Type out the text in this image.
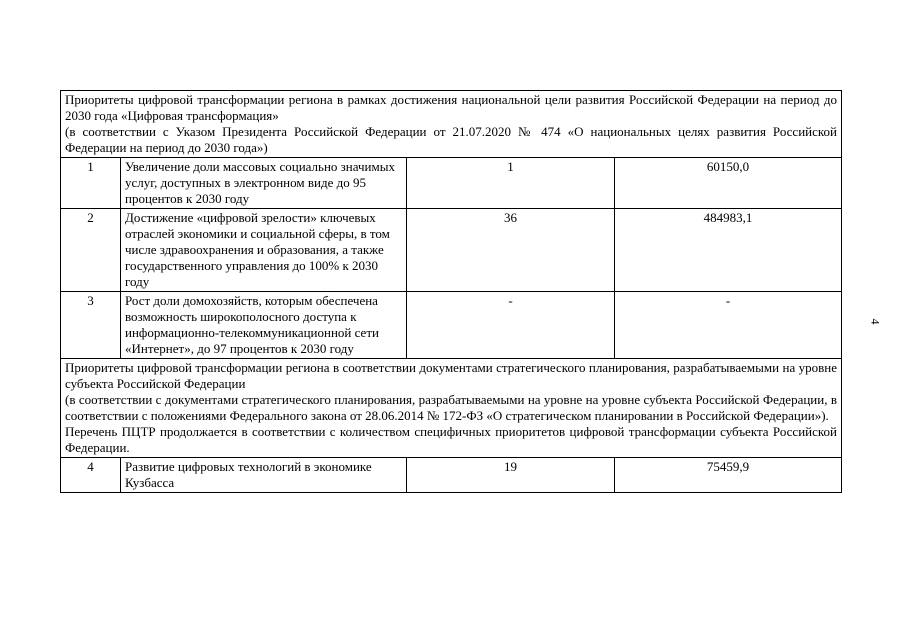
Приоритеты цифровой трансформации региона в рамках достижения национальной цели развития Российской Федерации на период до 2030 года «Цифровая трансформация»

(в соответствии с Указом Президента Российской Федерации от 21.07.2020 № 474 «О национальных целях развития Российской Федерации на период до 2030 года»)			

1	Увеличение доли массовых социально значимых услуг, доступных в электронном виде до 95 процентов к 2030 году	1	60150,0
2	Достижение «цифровой зрелости» ключевых отраслей экономики и социальной сферы, в том числе здравоохранения и образования, а также государственного управления до 100% к 2030 году	36	484983,1
3	Рост доли домохозяйств, которым обеспечена возможность широкополосного доступа к информационно-телекоммуникационной сети «Интернет», до 97 процентов к 2030 году	-	-

Приоритеты цифровой трансформации региона в соответствии документами стратегического планирования, разрабатываемыми на уровне субъекта Российской Федерации

(в соответствии с документами стратегического планирования, разрабатываемыми на уровне на уровне субъекта Российской Федерации, в соответствии с положениями Федерального закона от 28.06.2014 № 172-ФЗ «О стратегическом планировании в Российской Федерации»).

Перечень ПЦТР продолжается в соответствии с количеством специфичных приоритетов цифровой трансформации субъекта Российской Федерации.			

4	Развитие цифровых технологий в экономике Кузбасса	19	75459,9
4
